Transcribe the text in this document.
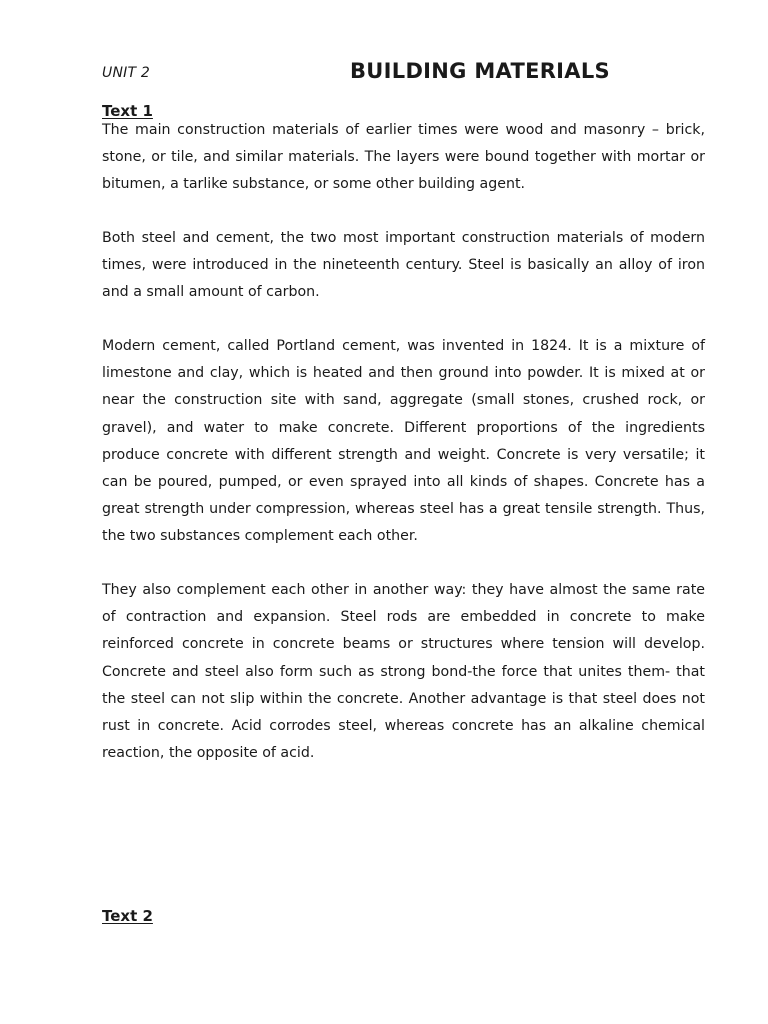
UNIT 2	BUILDING MATERIALS
Text 1

The main construction materials of earlier times were wood and masonry – brick, stone, or tile, and similar materials. The layers were bound together with mortar or bitumen, a tarlike substance, or some other building agent.

Both steel and cement, the two most important construction materials of modern times, were introduced in the nineteenth century. Steel is basically an alloy of iron and a small amount of carbon.

Modern cement, called Portland cement, was invented in 1824. It is a mixture of limestone and clay, which is heated and then ground into powder. It is mixed at or near the construction site with sand, aggregate (small stones, crushed rock, or gravel), and water to make concrete. Different proportions of the ingredients produce concrete with different strength and weight. Concrete is very versatile; it can be poured, pumped, or even sprayed into all kinds of shapes. Concrete has a great strength under compression, whereas steel has a great tensile strength. Thus, the two substances complement each other.

They also complement each other in another way: they have almost the same rate of contraction and expansion. Steel rods are embedded in concrete to make reinforced concrete in concrete beams or structures where tension will develop. Concrete and steel also form such as strong bond-the force that unites them- that the steel can not slip within the concrete. Another advantage is that steel does not rust in concrete. Acid corrodes steel, whereas concrete has an alkaline chemical reaction, the opposite of acid.

Text 2
